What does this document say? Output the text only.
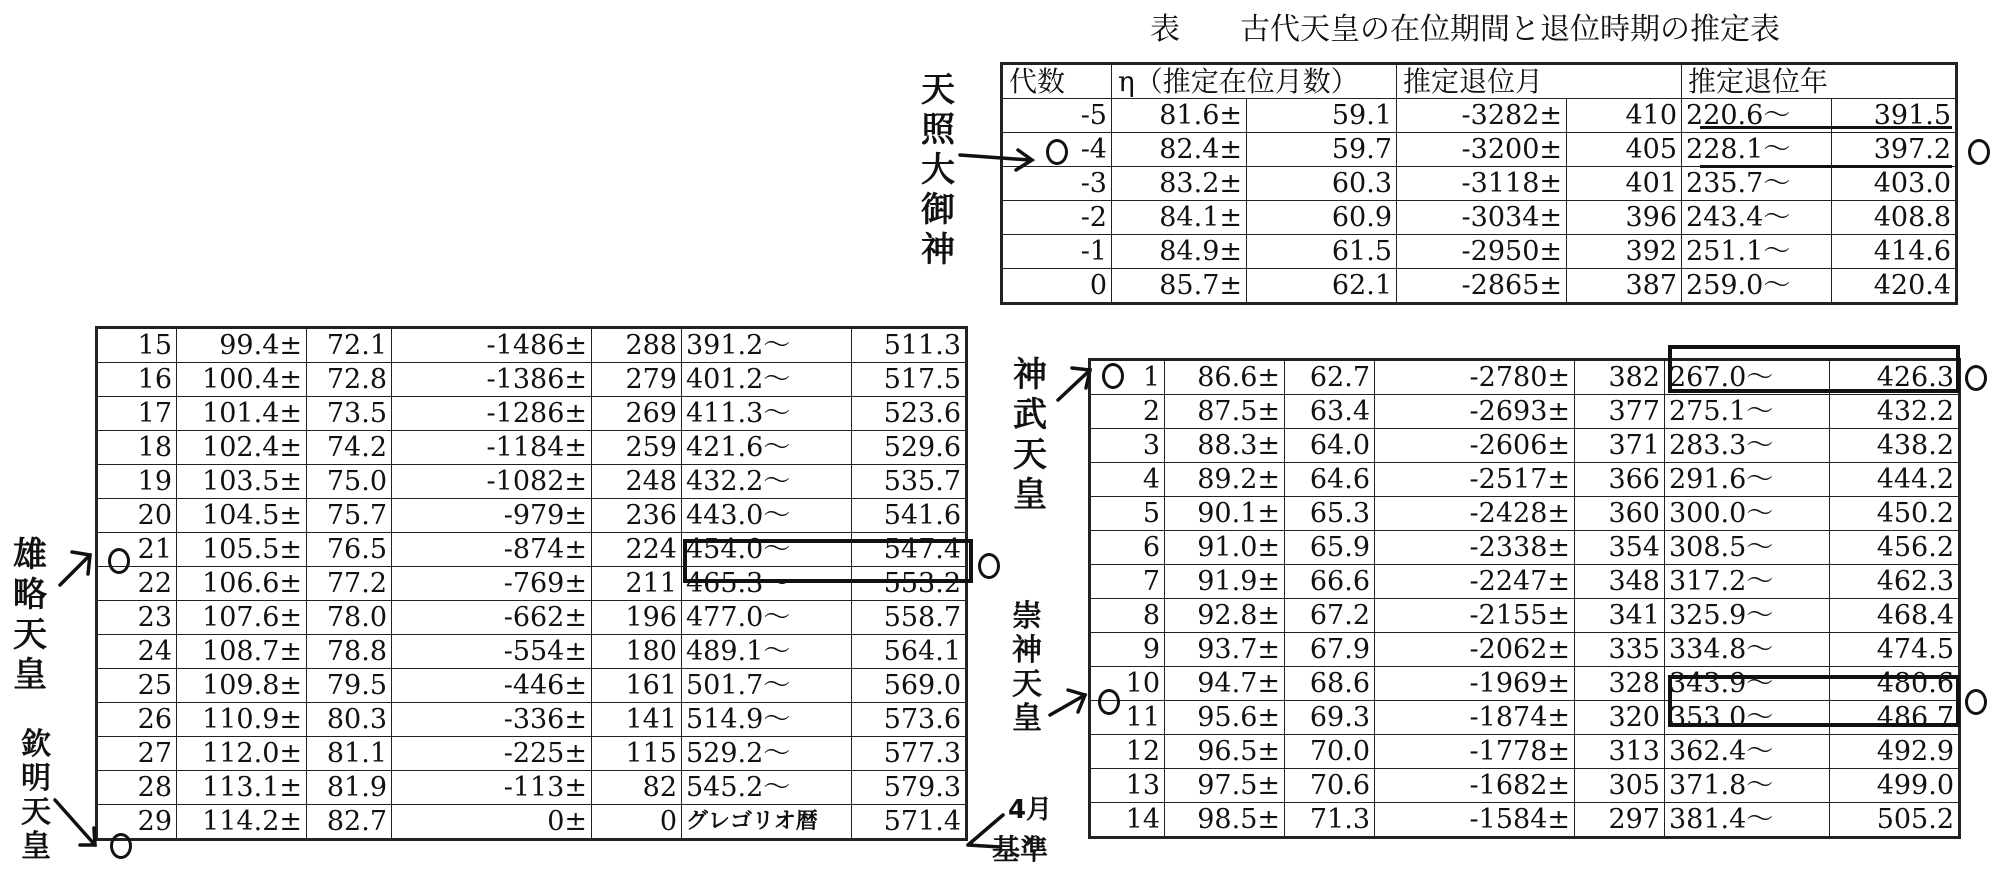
表 古代天皇の在位期間と退位時期の推定表
代数	η（推定在位月数）		推定退位月		推定退位年	
-5	81.6±	59.1	-3282±	410	220.6〜	391.5
-4	82.4±	59.7	-3200±	405	228.1〜	397.2
-3	83.2±	60.3	-3118±	401	235.7〜	403.0
-2	84.1±	60.9	-3034±	396	243.4〜	408.8
-1	84.9±	61.5	-2950±	392	251.1〜	414.6
0	85.7±	62.1	-2865±	387	259.0〜	420.4
15	99.4±	72.1	-1486±	288	391.2〜	511.3
16	100.4±	72.8	-1386±	279	401.2〜	517.5
17	101.4±	73.5	-1286±	269	411.3〜	523.6
18	102.4±	74.2	-1184±	259	421.6〜	529.6
19	103.5±	75.0	-1082±	248	432.2〜	535.7
20	104.5±	75.7	-979±	236	443.0〜	541.6
21	105.5±	76.5	-874±	224	454.0〜	547.4
22	106.6±	77.2	-769±	211	465.3〜	553.2
23	107.6±	78.0	-662±	196	477.0〜	558.7
24	108.7±	78.8	-554±	180	489.1〜	564.1
25	109.8±	79.5	-446±	161	501.7〜	569.0
26	110.9±	80.3	-336±	141	514.9〜	573.6
27	112.0±	81.1	-225±	115	529.2〜	577.3
28	113.1±	81.9	-113±	82	545.2〜	579.3
29	114.2±	82.7	0±	0	グレゴリオ暦	571.4
1	86.6±	62.7	-2780±	382	267.0〜	426.3
2	87.5±	63.4	-2693±	377	275.1〜	432.2
3	88.3±	64.0	-2606±	371	283.3〜	438.2
4	89.2±	64.6	-2517±	366	291.6〜	444.2
5	90.1±	65.3	-2428±	360	300.0〜	450.2
6	91.0±	65.9	-2338±	354	308.5〜	456.2
7	91.9±	66.6	-2247±	348	317.2〜	462.3
8	92.8±	67.2	-2155±	341	325.9〜	468.4
9	93.7±	67.9	-2062±	335	334.8〜	474.5
10	94.7±	68.6	-1969±	328	343.9〜	480.6
11	95.6±	69.3	-1874±	320	353.0〜	486.7
12	96.5±	70.0	-1778±	313	362.4〜	492.9
13	97.5±	70.6	-1682±	305	371.8〜	499.0
14	98.5±	71.3	-1584±	297	381.4〜	505.2
天照大御神
神武天皇
崇神天皇
雄略天皇
欽明天皇
4月
基準
